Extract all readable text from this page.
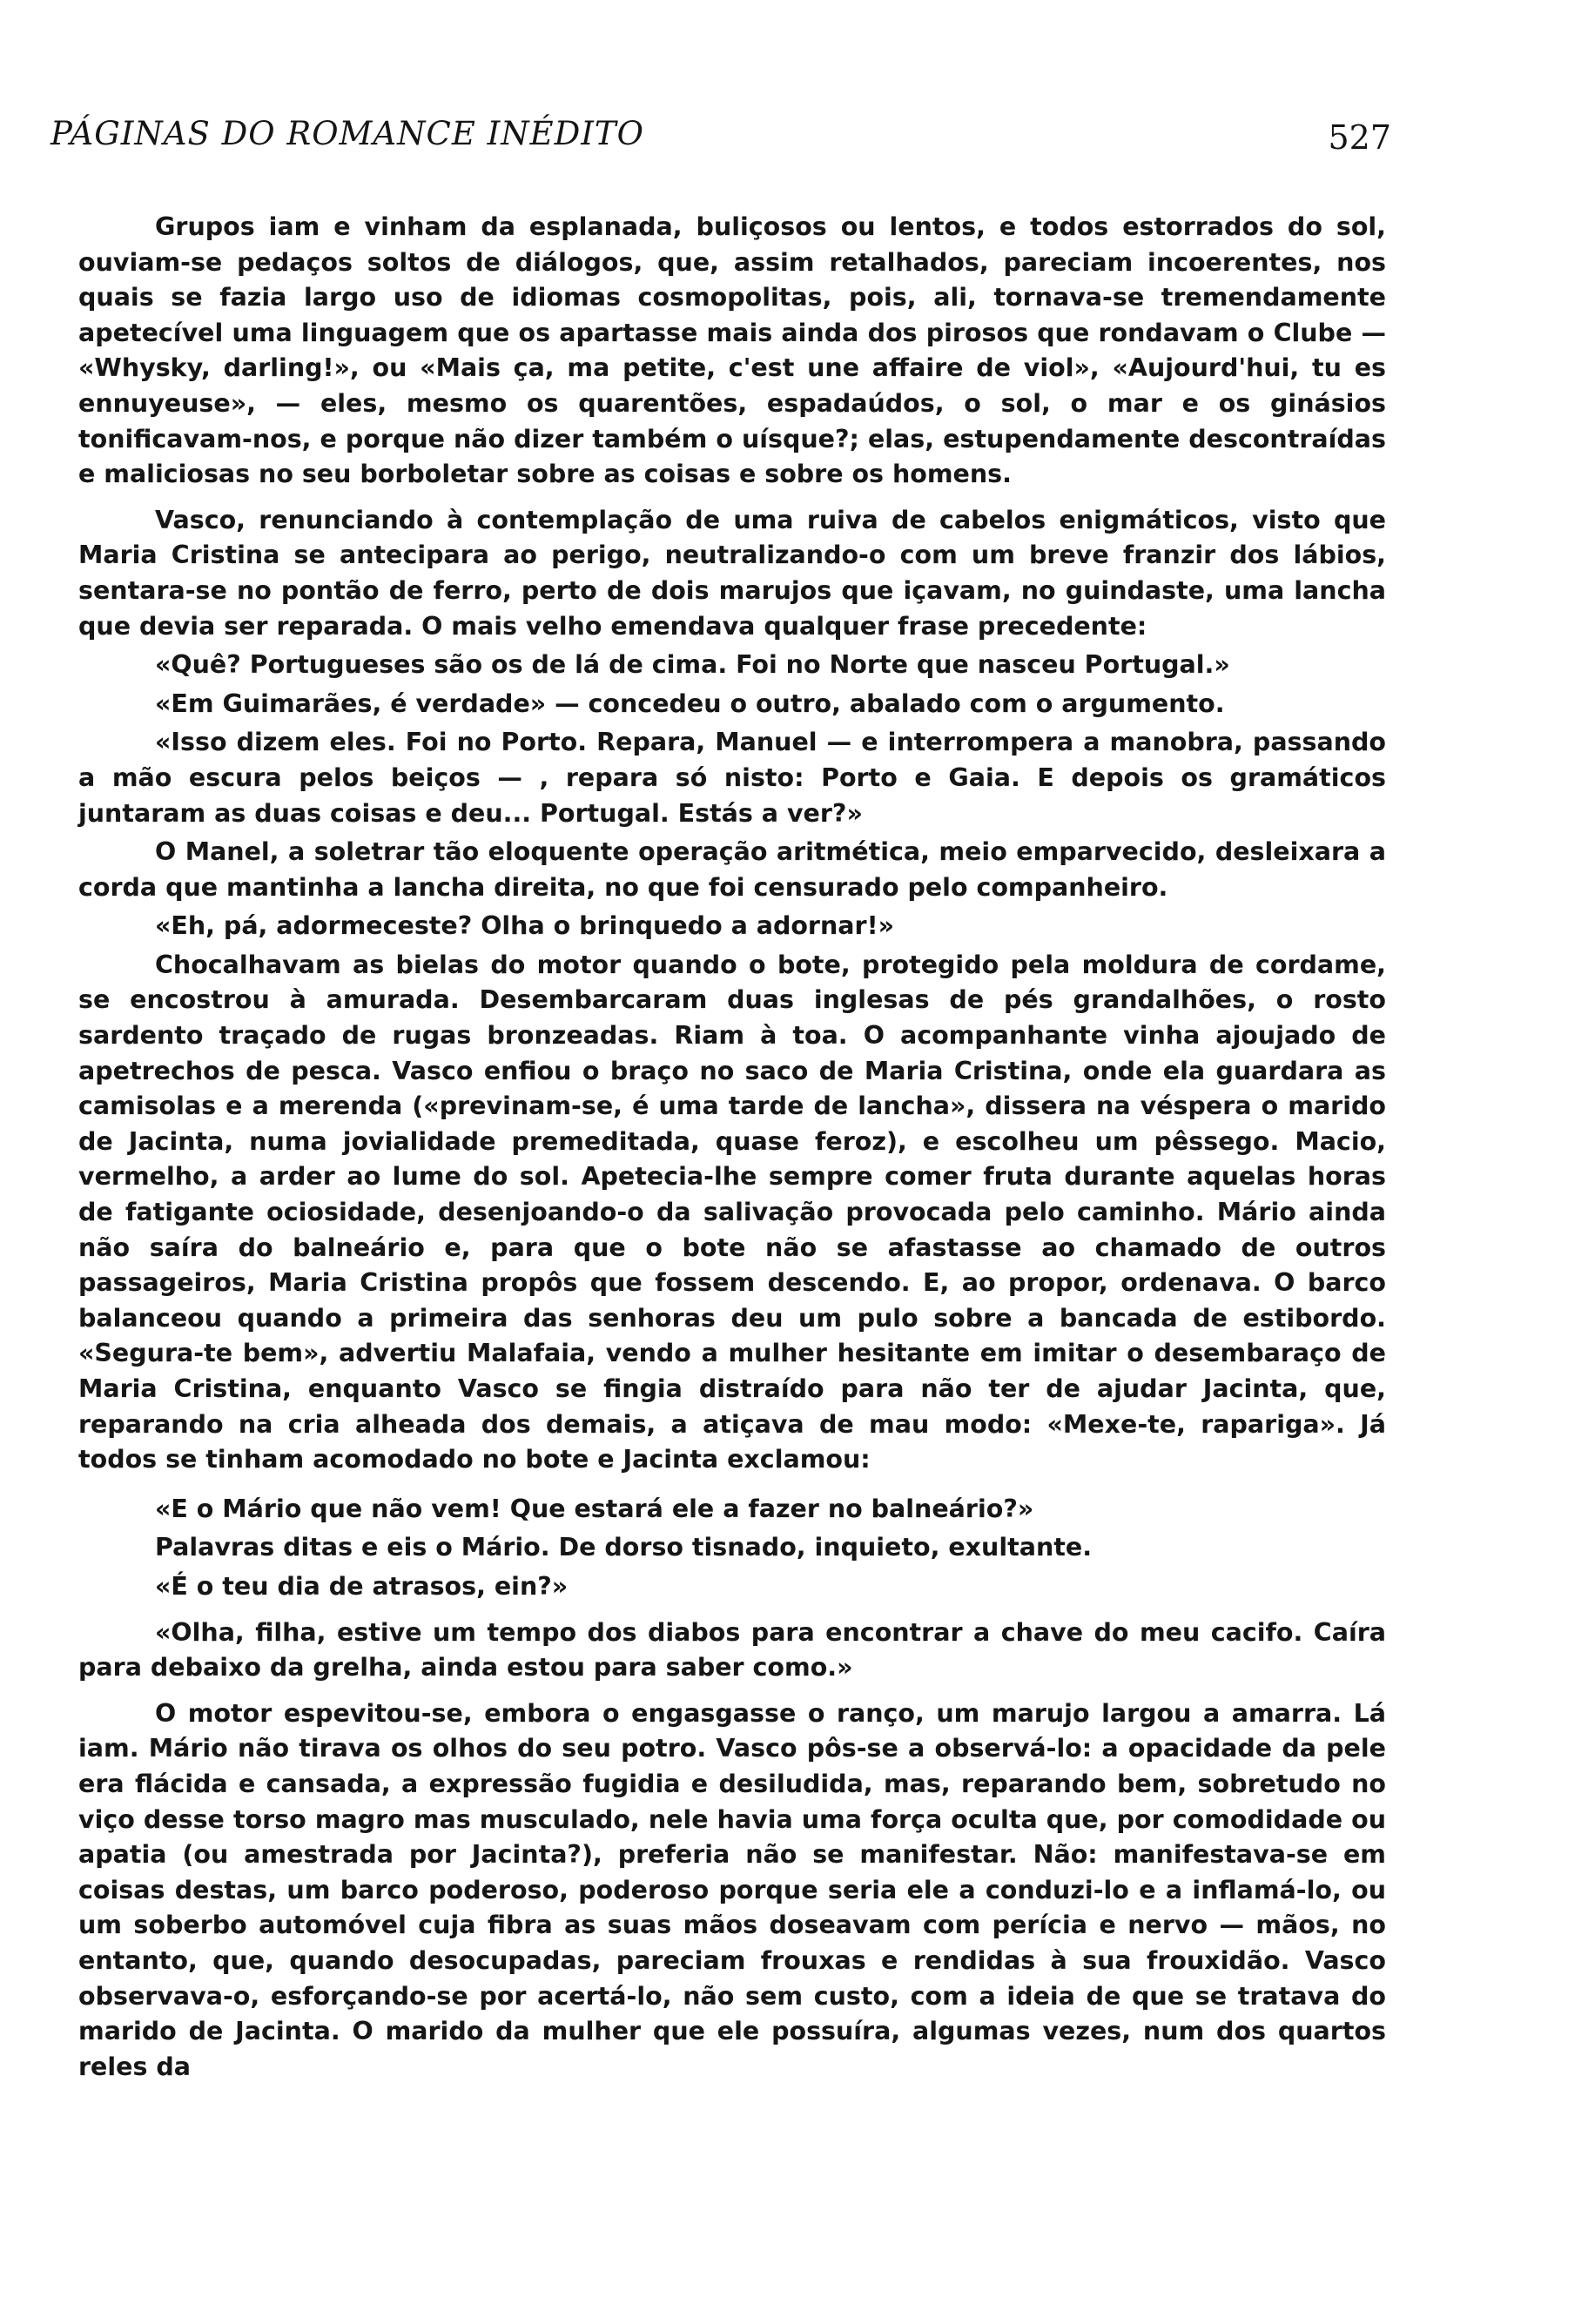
PÁGINAS DO ROMANCE INÉDITO	527

Grupos iam e vinham da esplanada, buliçosos ou lentos, e todos estorrados do sol, ouviam-se pedaços soltos de diálogos, que, assim retalhados, pareciam incoerentes, nos quais se fazia largo uso de idiomas cosmopolitas, pois, ali, tornava-se tremendamente apetecível uma linguagem que os apartasse mais ainda dos pirosos que rondavam o Clube — «Whysky, darling!», ou «Mais ça, ma petite, c'est une affaire de viol», «Aujourd'hui, tu es ennuyeuse», — eles, mesmo os quarentões, espadaúdos, o sol, o mar e os ginásios tonificavam-nos, e porque não dizer também o uísque?; elas, estupendamente descontraídas e maliciosas no seu borboletar sobre as coisas e sobre os homens.

Vasco, renunciando à contemplação de uma ruiva de cabelos enigmáticos, visto que Maria Cristina se antecipara ao perigo, neutralizando-o com um breve franzir dos lábios, sentara-se no pontão de ferro, perto de dois marujos que içavam, no guindaste, uma lancha que devia ser reparada. O mais velho emendava qualquer frase precedente:

«Quê? Portugueses são os de lá de cima. Foi no Norte que nasceu Portugal.»

«Em Guimarães, é verdade» — concedeu o outro, abalado com o argumento.

«Isso dizem eles. Foi no Porto. Repara, Manuel — e interrompera a manobra, passando a mão escura pelos beiços — , repara só nisto: Porto e Gaia. E depois os gramáticos juntaram as duas coisas e deu... Portugal. Estás a ver?»

O Manel, a soletrar tão eloquente operação aritmética, meio emparvecido, desleixara a corda que mantinha a lancha direita, no que foi censurado pelo companheiro.

«Eh, pá, adormeceste? Olha o brinquedo a adornar!»

Chocalhavam as bielas do motor quando o bote, protegido pela moldura de cordame, se encostrou à amurada. Desembarcaram duas inglesas de pés grandalhões, o rosto sardento traçado de rugas bronzeadas. Riam à toa. O acompanhante vinha ajoujado de apetrechos de pesca. Vasco enfiou o braço no saco de Maria Cristina, onde ela guardara as camisolas e a merenda («previnam-se, é uma tarde de lancha», dissera na véspera o marido de Jacinta, numa jovialidade premeditada, quase feroz), e escolheu um pêssego. Macio, vermelho, a arder ao lume do sol. Apetecia-lhe sempre comer fruta durante aquelas horas de fatigante ociosidade, desenjoando-o da salivação provocada pelo caminho. Mário ainda não saíra do balneário e, para que o bote não se afastasse ao chamado de outros passageiros, Maria Cristina propôs que fossem descendo. E, ao propor, ordenava. O barco balanceou quando a primeira das senhoras deu um pulo sobre a bancada de estibordo. «Segura-te bem», advertiu Malafaia, vendo a mulher hesitante em imitar o desembaraço de Maria Cristina, enquanto Vasco se fingia distraído para não ter de ajudar Jacinta, que, reparando na cria alheada dos demais, a atiçava de mau modo: «Mexe-te, rapariga». Já todos se tinham acomodado no bote e Jacinta exclamou:

«E o Mário que não vem! Que estará ele a fazer no balneário?»

Palavras ditas e eis o Mário. De dorso tisnado, inquieto, exultante.

«É o teu dia de atrasos, ein?»

«Olha, filha, estive um tempo dos diabos para encontrar a chave do meu cacifo. Caíra para debaixo da grelha, ainda estou para saber como.»

O motor espevitou-se, embora o engasgasse o ranço, um marujo largou a amarra. Lá iam. Mário não tirava os olhos do seu potro. Vasco pôs-se a observá-lo: a opacidade da pele era flácida e cansada, a expressão fugidia e desiludida, mas, reparando bem, sobretudo no viço desse torso magro mas musculado, nele havia uma força oculta que, por comodidade ou apatia (ou amestrada por Jacinta?), preferia não se manifestar. Não: manifestava-se em coisas destas, um barco poderoso, poderoso porque seria ele a conduzi-lo e a inflamá-lo, ou um soberbo automóvel cuja fibra as suas mãos doseavam com perícia e nervo — mãos, no entanto, que, quando desocupadas, pareciam frouxas e rendidas à sua frouxidão. Vasco observava-o, esforçando-se por acertá-lo, não sem custo, com a ideia de que se tratava do marido de Jacinta. O marido da mulher que ele possuíra, algumas vezes, num dos quartos reles da
